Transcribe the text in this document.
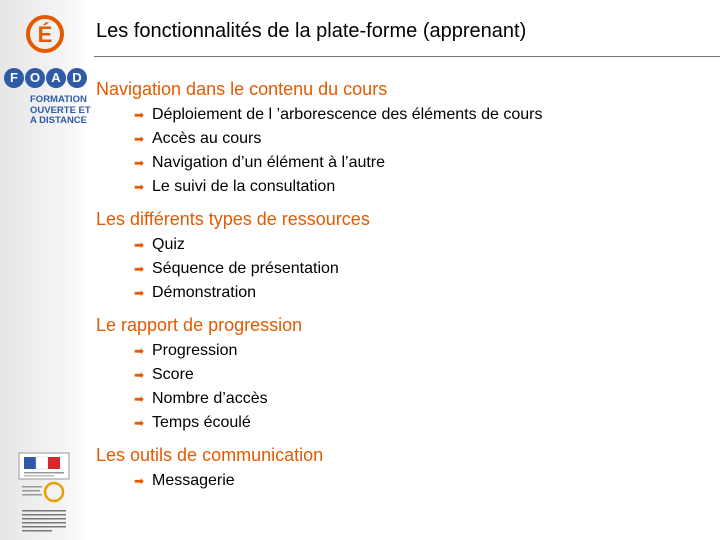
É
F O A D
FORMATION
OUVERTE ET
A DISTANCE
Les fonctionnalités de la plate-forme (apprenant)
Navigation dans le contenu du cours
➡ Déploiement de l ’arborescence des éléments de cours
➡ Accès au cours
➡ Navigation d’un élément à l’autre
➡ Le suivi de la consultation
Les différents types de ressources
➡ Quiz
➡ Séquence de présentation
➡ Démonstration
Le rapport de progression
➡ Progression
➡ Score
➡ Nombre d’accès
➡ Temps écoulé
Les outils de communication
➡ Messagerie
